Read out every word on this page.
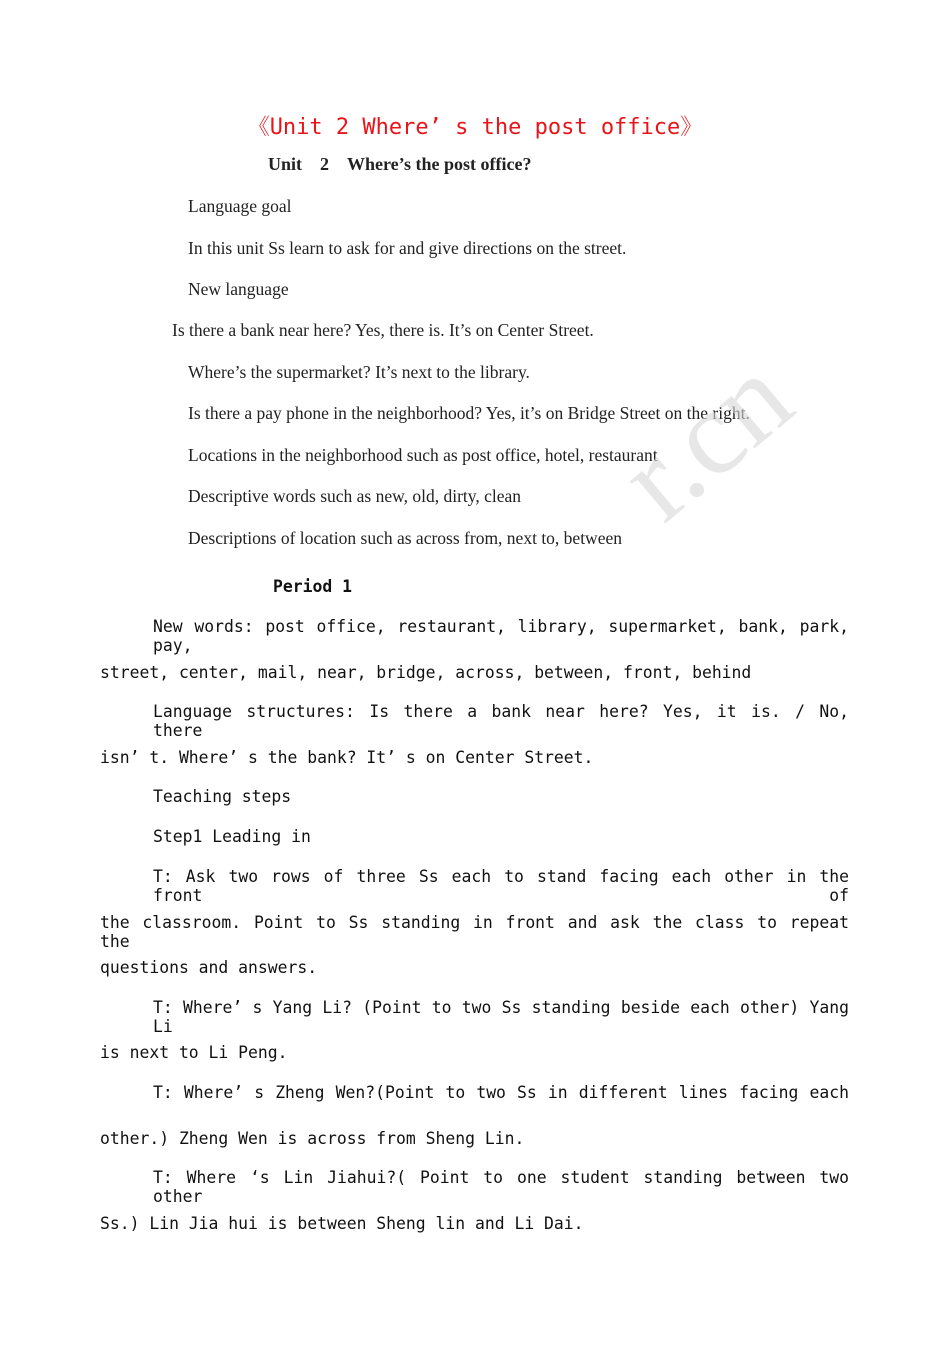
《Unit 2 Where’ s the post office》
Unit 2 Where’s the post office?
Language goal
In this unit Ss learn to ask for and give directions on the street.
New language
Is there a bank near here? Yes, there is. It’s on Center Street.
Where’s the supermarket? It’s next to the library.
Is there a pay phone in the neighborhood? Yes, it’s on Bridge Street on the right.
Locations in the neighborhood such as post office, hotel, restaurant
Descriptive words such as new, old, dirty, clean
Descriptions of location such as across from, next to, between
r.cn
Period 1
New words: post office, restaurant, library, supermarket, bank, park, pay,
street, center, mail, near, bridge, across, between, front, behind
Language structures: Is there a bank near here? Yes, it is. / No, there
isn’ t. Where’ s the bank? It’ s on Center Street.
Teaching steps
Step1 Leading in
T: Ask two rows of three Ss each to stand facing each other in the front of
the classroom. Point to Ss standing in front and ask the class to repeat the
questions and answers.
T: Where’ s Yang Li? (Point to two Ss standing beside each other) Yang Li
is next to Li Peng.
T: Where’ s Zheng Wen?(Point to two Ss in different lines facing each
other.) Zheng Wen is across from Sheng Lin.
T: Where ‘s Lin Jiahui?( Point to one student standing between two other
Ss.) Lin Jia hui is between Sheng lin and Li Dai.
